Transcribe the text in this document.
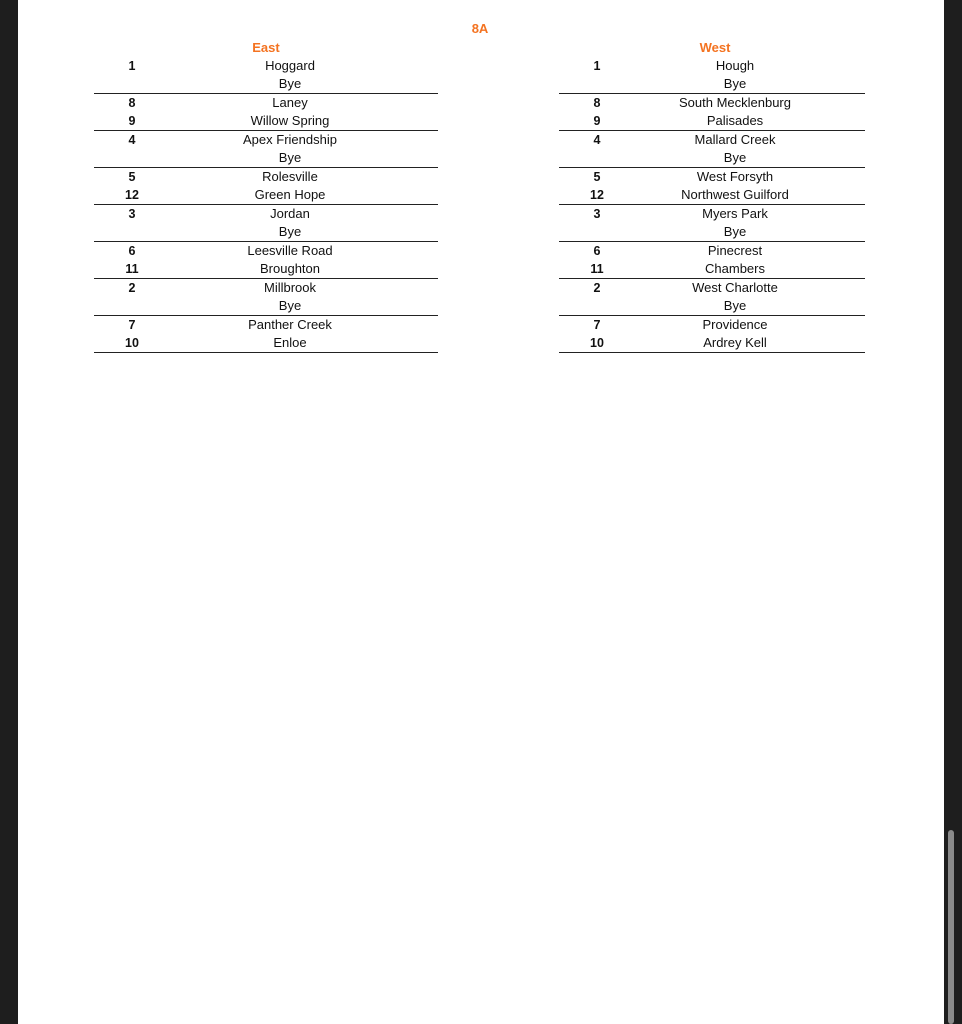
8A
East
1	Hoggard
Bye
8	Laney
9	Willow Spring
4	Apex Friendship
Bye
5	Rolesville
12	Green Hope
3	Jordan
Bye
6	Leesville Road
11	Broughton
2	Millbrook
Bye
7	Panther Creek
10	Enloe
West
1	Hough
Bye
8	South Mecklenburg
9	Palisades
4	Mallard Creek
Bye
5	West Forsyth
12	Northwest Guilford
3	Myers Park
Bye
6	Pinecrest
11	Chambers
2	West Charlotte
Bye
7	Providence
10	Ardrey Kell
